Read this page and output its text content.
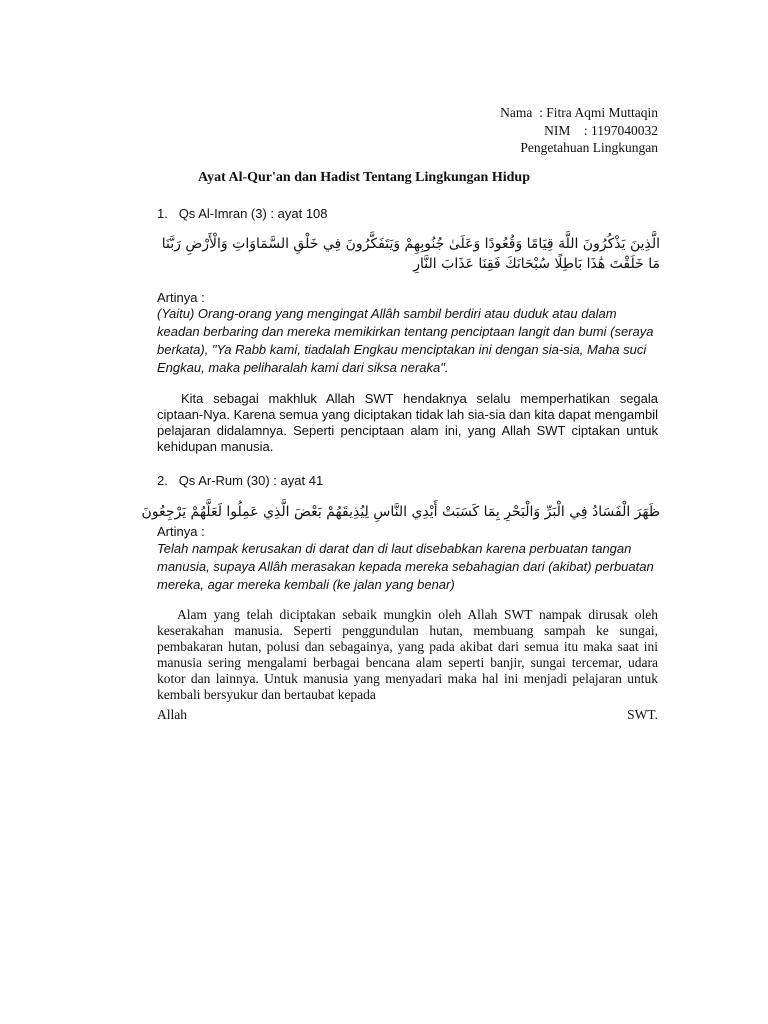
Nama  : Fitra Aqmi Muttaqin
NIM    : 1197040032
Pengetahuan Lingkungan
Ayat Al-Qur'an dan Hadist Tentang Lingkungan Hidup
1. Qs Al-Imran (3) : ayat 108
الَّذِينَ يَذْكُرُونَ اللَّهَ قِيَامًا وَقُعُودًا وَعَلَىٰ جُنُوبِهِمْ وَيَتَفَكَّرُونَ فِي خَلْقِ السَّمَاوَاتِ وَالْأَرْضِ رَبَّنَا مَا خَلَقْتَ هَٰذَا بَاطِلًا سُبْحَانَكَ فَقِنَا عَذَابَ النَّارِ
Artinya :
(Yaitu) Orang-orang yang mengingat Allâh sambil berdiri atau duduk atau dalam keadan berbaring dan mereka memikirkan tentang penciptaan langit dan bumi (seraya berkata), "Ya Rabb kami, tiadalah Engkau menciptakan ini dengan sia-sia, Maha suci Engkau, maka peliharalah kami dari siksa neraka".
Kita sebagai makhluk Allah SWT hendaknya selalu memperhatikan segala ciptaan-Nya. Karena semua yang diciptakan tidak lah sia-sia dan kita dapat mengambil pelajaran didalamnya. Seperti penciptaan alam ini, yang Allah SWT ciptakan untuk kehidupan manusia.
2. Qs Ar-Rum (30) : ayat 41
ظَهَرَ الْفَسَادُ فِي الْبَرِّ وَالْبَحْرِ بِمَا كَسَبَتْ أَيْدِي النَّاسِ لِيُذِيقَهُمْ بَعْضَ الَّذِي عَمِلُوا لَعَلَّهُمْ يَرْجِعُونَ
Artinya :
Telah nampak kerusakan di darat dan di laut disebabkan karena perbuatan tangan manusia, supaya Allâh merasakan kepada mereka sebahagian dari (akibat) perbuatan mereka, agar mereka kembali (ke jalan yang benar)
Alam yang telah diciptakan sebaik mungkin oleh Allah SWT nampak dirusak oleh keserakahan manusia. Seperti penggundulan hutan, membuang sampah ke sungai, pembakaran hutan, polusi dan sebagainya, yang pada akibat dari semua itu maka saat ini manusia sering mengalami berbagai bencana alam seperti banjir, sungai tercemar, udara kotor dan lainnya. Untuk manusia yang menyadari maka hal ini menjadi pelajaran untuk kembali bersyukur dan bertaubat kepada
Allah	SWT.
